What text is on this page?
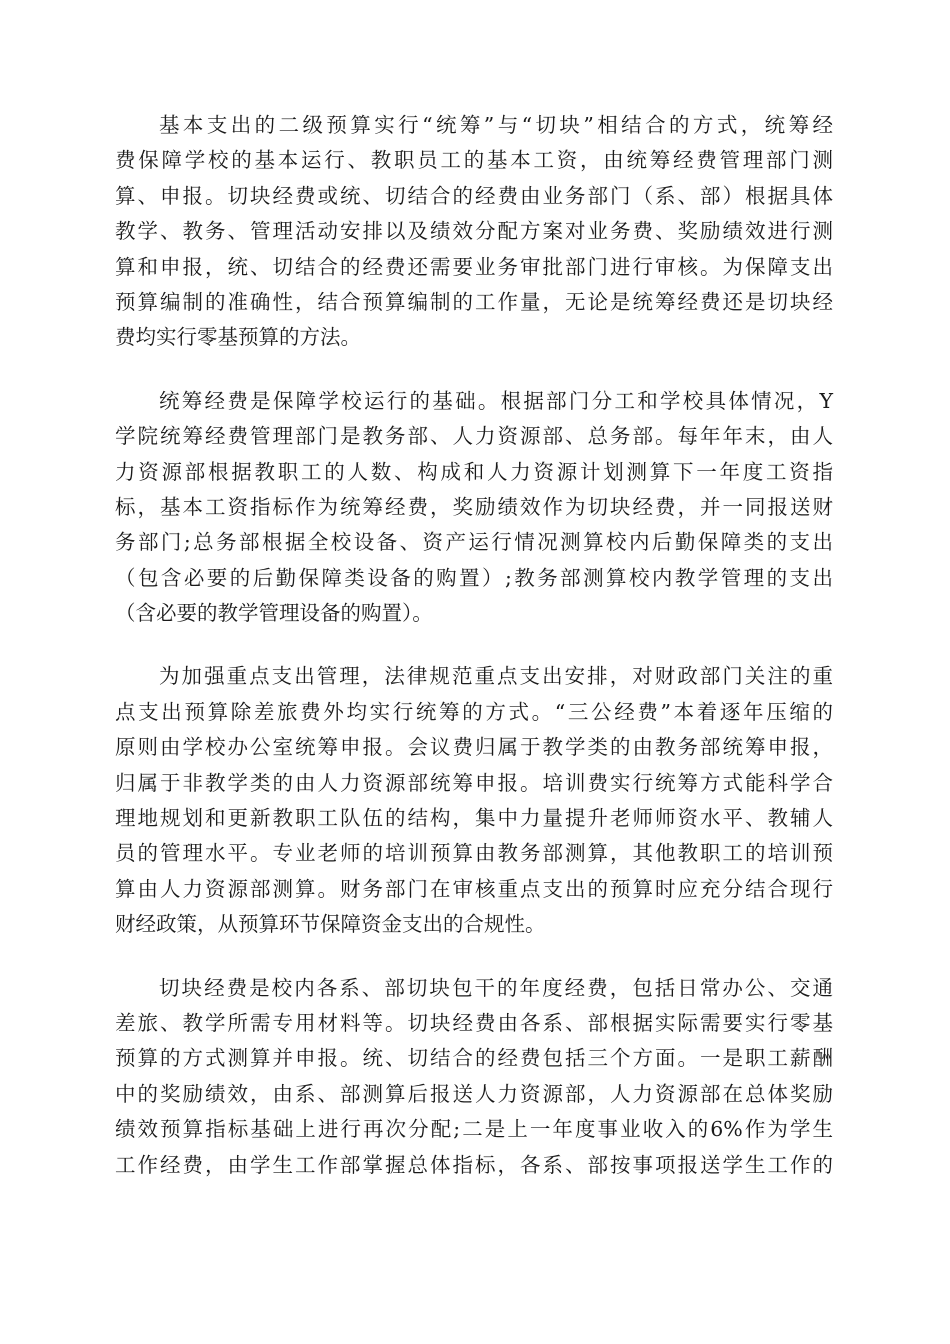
基本支出的二级预算实行“统筹”与“切块”相结合的方式，统筹经
费保障学校的基本运行、教职员工的基本工资，由统筹经费管理部门测
算、申报。切块经费或统、切结合的经费由业务部门（系、部）根据具体
教学、教务、管理活动安排以及绩效分配方案对业务费、奖励绩效进行测
算和申报，统、切结合的经费还需要业务审批部门进行审核。为保障支出
预算编制的准确性，结合预算编制的工作量，无论是统筹经费还是切块经
费均实行零基预算的方法。

统筹经费是保障学校运行的基础。根据部门分工和学校具体情况，Y
学院统筹经费管理部门是教务部、人力资源部、总务部。每年年末，由人
力资源部根据教职工的人数、构成和人力资源计划测算下一年度工资指
标，基本工资指标作为统筹经费，奖励绩效作为切块经费，并一同报送财
务部门;总务部根据全校设备、资产运行情况测算校内后勤保障类的支出
（包含必要的后勤保障类设备的购置）;教务部测算校内教学管理的支出
（含必要的教学管理设备的购置）。

为加强重点支出管理，法律规范重点支出安排，对财政部门关注的重
点支出预算除差旅费外均实行统筹的方式。“三公经费”本着逐年压缩的
原则由学校办公室统筹申报。会议费归属于教学类的由教务部统筹申报，
归属于非教学类的由人力资源部统筹申报。培训费实行统筹方式能科学合
理地规划和更新教职工队伍的结构，集中力量提升老师师资水平、教辅人
员的管理水平。专业老师的培训预算由教务部测算，其他教职工的培训预
算由人力资源部测算。财务部门在审核重点支出的预算时应充分结合现行
财经政策，从预算环节保障资金支出的合规性。

切块经费是校内各系、部切块包干的年度经费，包括日常办公、交通
差旅、教学所需专用材料等。切块经费由各系、部根据实际需要实行零基
预算的方式测算并申报。统、切结合的经费包括三个方面。一是职工薪酬
中的奖励绩效，由系、部测算后报送人力资源部，人力资源部在总体奖励
绩效预算指标基础上进行再次分配;二是上一年度事业收入的6%作为学生
工作经费，由学生工作部掌握总体指标，各系、部按事项报送学生工作的
